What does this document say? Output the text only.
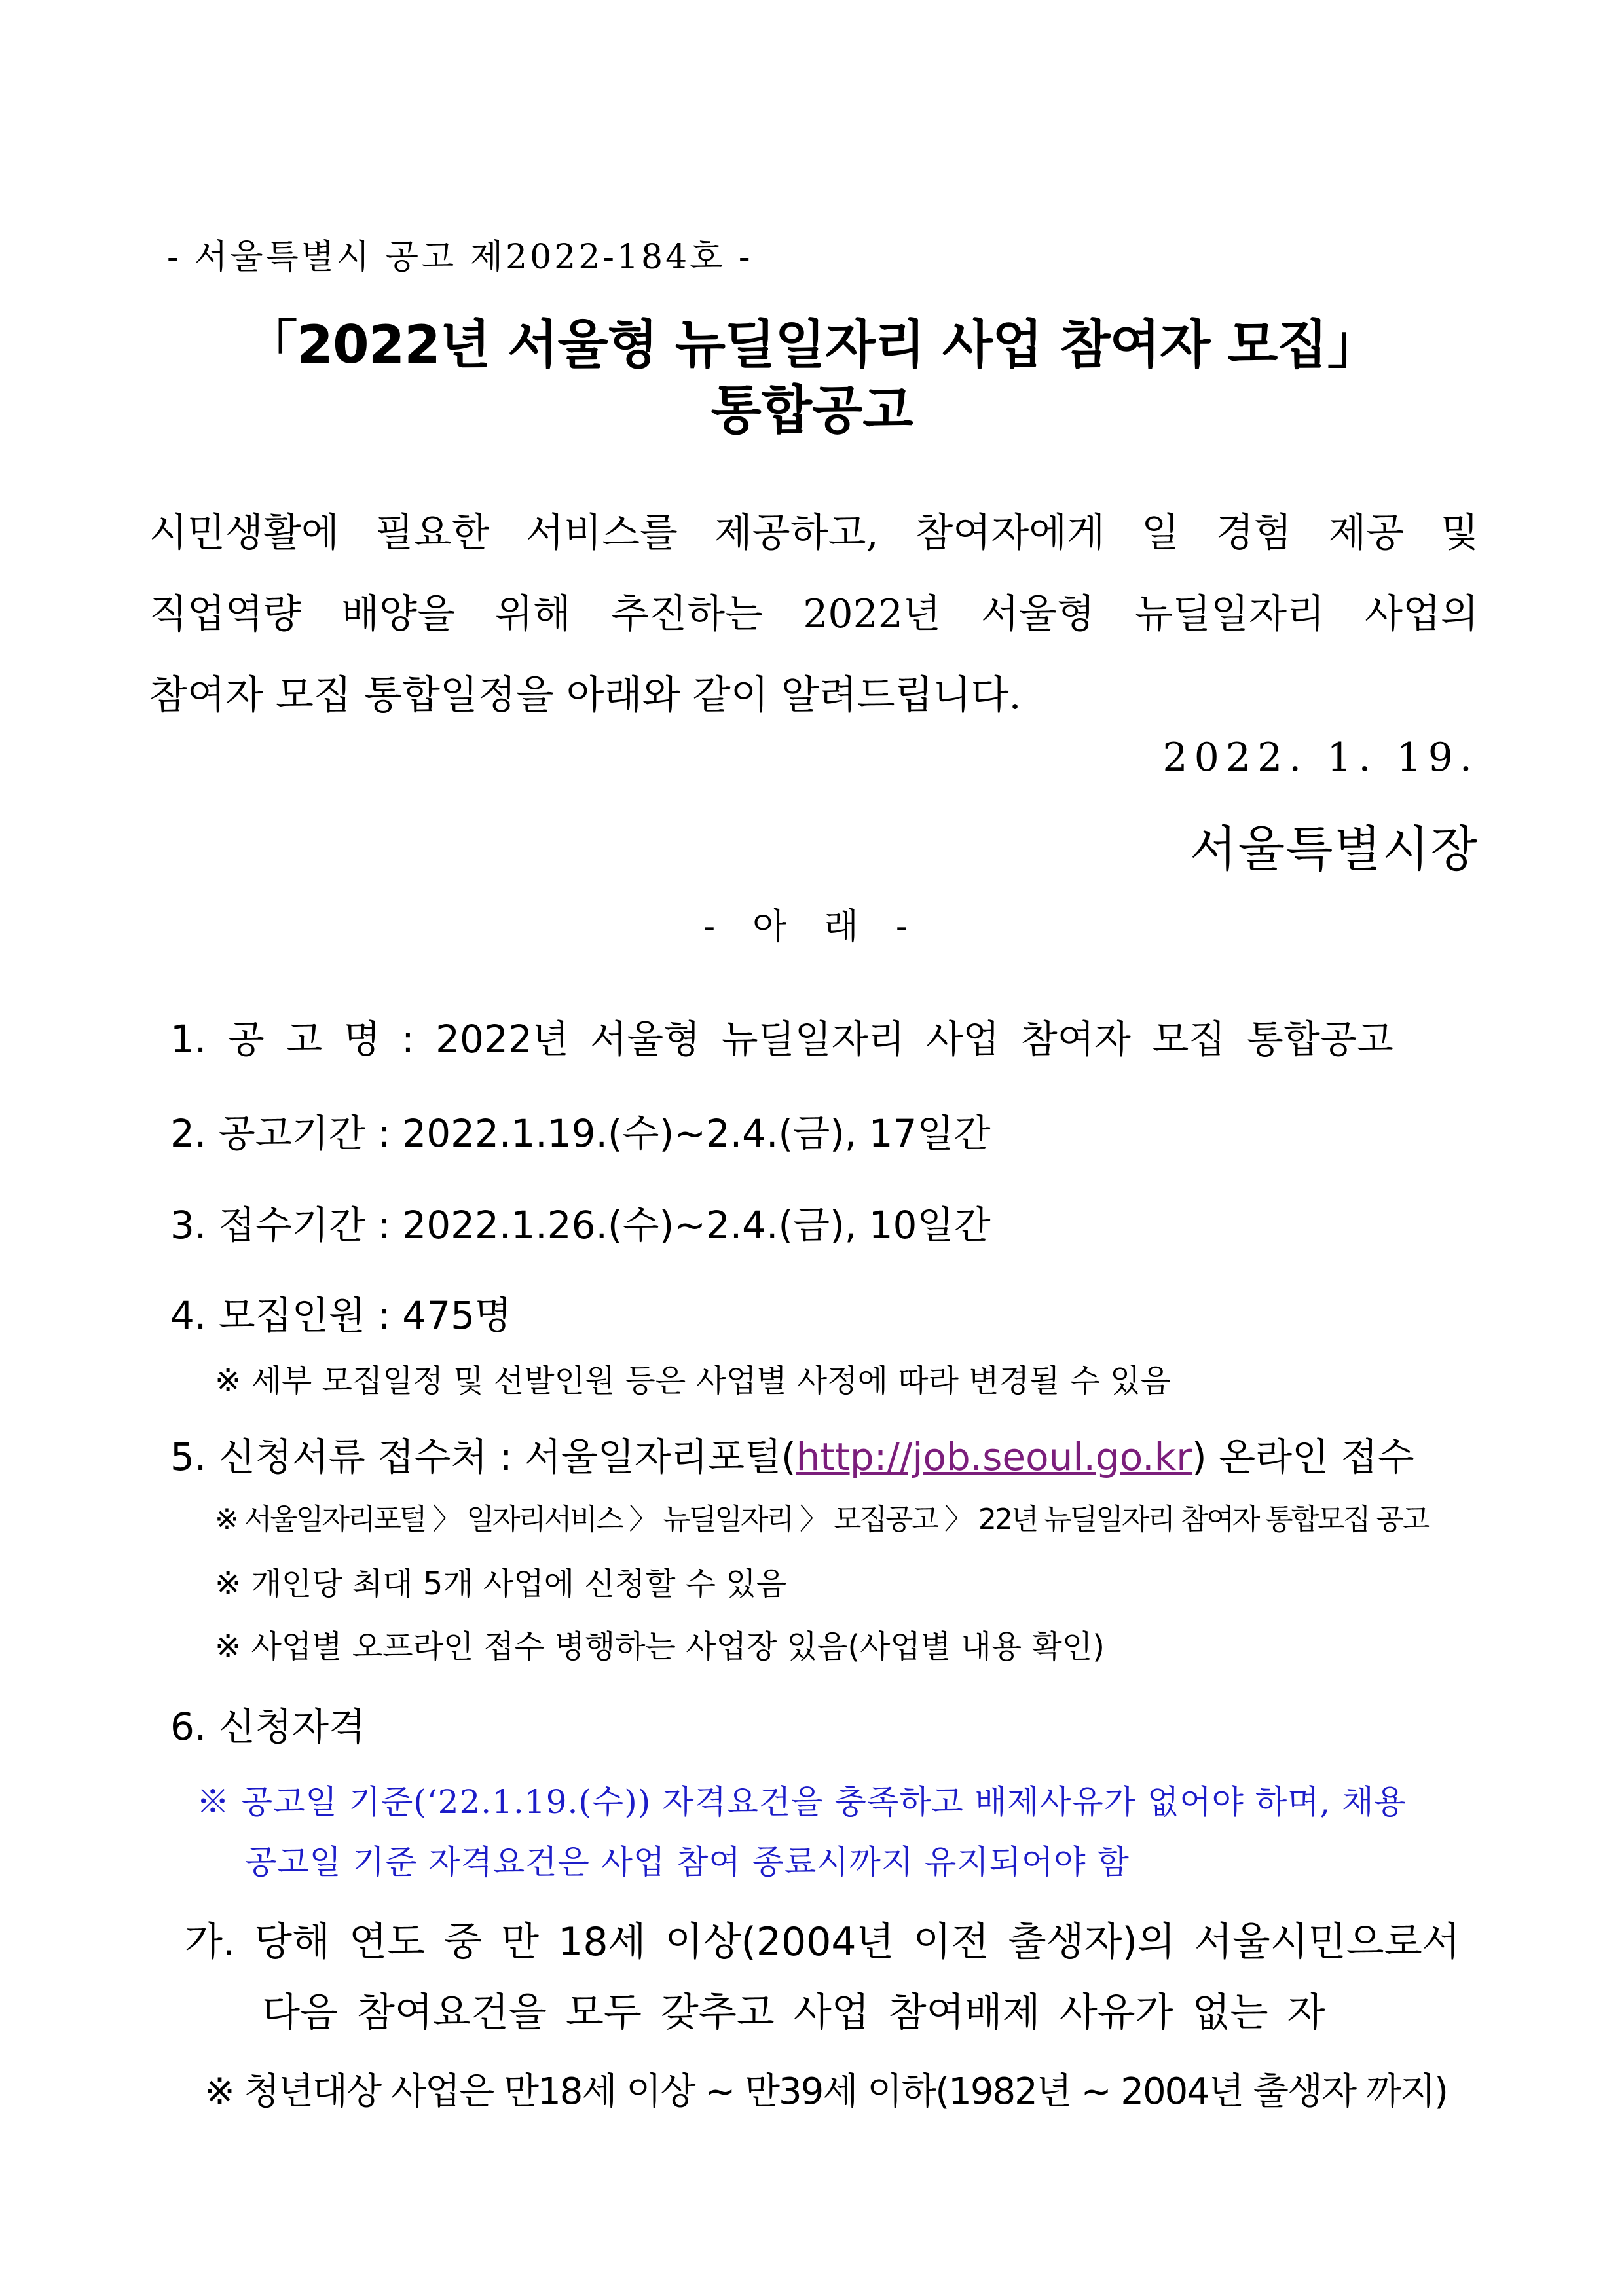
- 서울특별시 공고 제2022-184호 -
「2022년 서울형 뉴딜일자리 사업 참여자 모집」
통합공고
시민생활에 필요한 서비스를 제공하고, 참여자에게 일 경험 제공 및
직업역량 배양을 위해 추진하는 2022년 서울형 뉴딜일자리 사업의
참여자 모집 통합일정을 아래와 같이 알려드립니다.
2022. 1. 19.
서울특별시장
- 아 래 -
1. 공 고 명 : 2022년 서울형 뉴딜일자리 사업 참여자 모집 통합공고
2. 공고기간 : 2022.1.19.(수)~2.4.(금), 17일간
3. 접수기간 : 2022.1.26.(수)~2.4.(금), 10일간
4. 모집인원 : 475명
※ 세부 모집일정 및 선발인원 등은 사업별 사정에 따라 변경될 수 있음
5. 신청서류 접수처 : 서울일자리포털(http://job.seoul.go.kr) 온라인 접수
※ 서울일자리포털 〉 일자리서비스 〉 뉴딜일자리 〉 모집공고 〉 22년 뉴딜일자리 참여자 통합모집 공고
※ 개인당 최대 5개 사업에 신청할 수 있음
※ 사업별 오프라인 접수 병행하는 사업장 있음(사업별 내용 확인)
6. 신청자격
※ 공고일 기준(‘22.1.19.(수)) 자격요건을 충족하고 배제사유가 없어야 하며, 채용
공고일 기준 자격요건은 사업 참여 종료시까지 유지되어야 함
가. 당해 연도 중 만 18세 이상(2004년 이전 출생자)의 서울시민으로서
다음 참여요건을 모두 갖추고 사업 참여배제 사유가 없는 자
※ 청년대상 사업은 만18세 이상 ~ 만39세 이하(1982년 ~ 2004년 출생자 까지)
